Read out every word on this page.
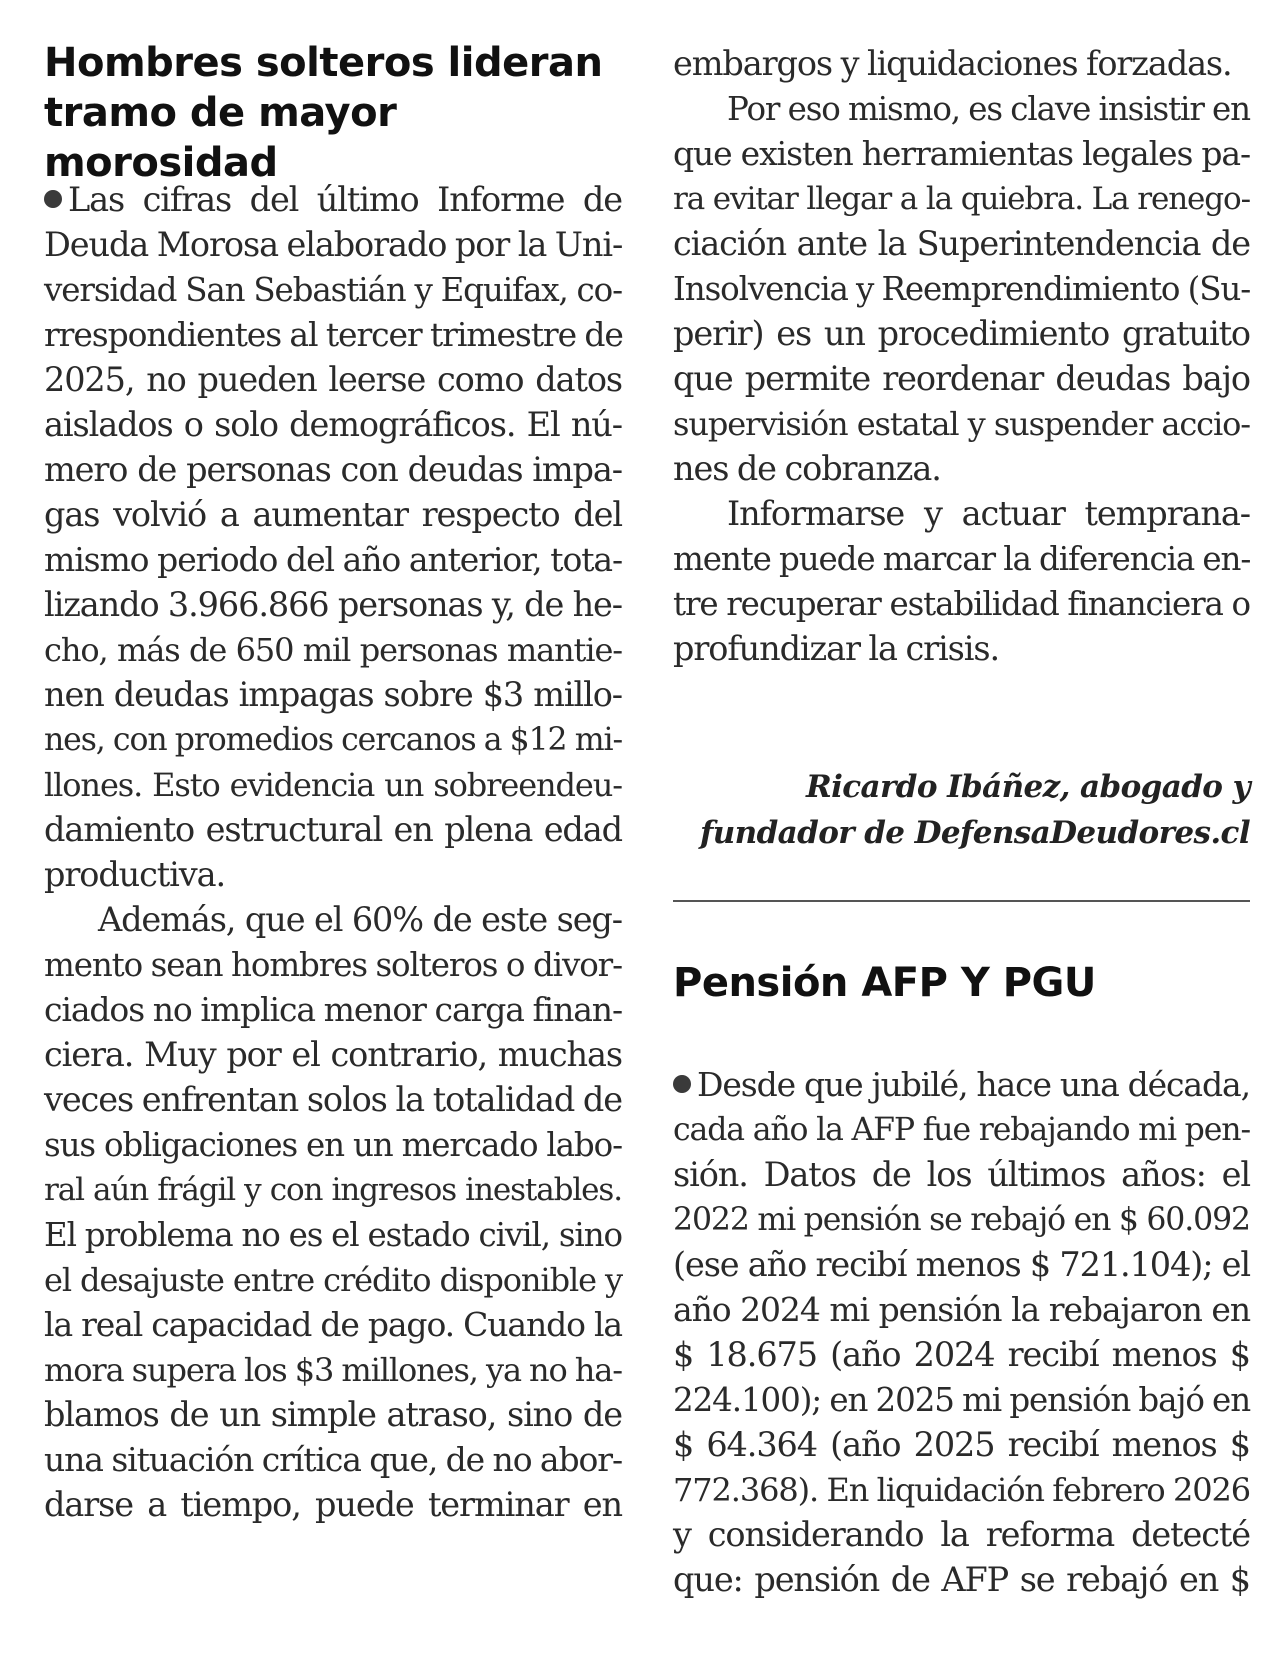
Hombres solteros lideran
tramo de mayor morosidad
Las cifras del último Informe de
Deuda Morosa elaborado por la Uni-
versidad San Sebastián y Equifax, co-
rrespondientes al tercer trimestre de
2025, no pueden leerse como datos
aislados o solo demográficos. El nú-
mero de personas con deudas impa-
gas volvió a aumentar respecto del
mismo periodo del año anterior, tota-
lizando 3.966.866 personas y, de he-
cho, más de 650 mil personas mantie-
nen deudas impagas sobre $3 millo-
nes, con promedios cercanos a $12 mi-
llones. Esto evidencia un sobreendeu-
damiento estructural en plena edad
productiva.
Además, que el 60% de este seg-
mento sean hombres solteros o divor-
ciados no implica menor carga finan-
ciera. Muy por el contrario, muchas
veces enfrentan solos la totalidad de
sus obligaciones en un mercado labo-
ral aún frágil y con ingresos inestables.
El problema no es el estado civil, sino
el desajuste entre crédito disponible y
la real capacidad de pago. Cuando la
mora supera los $3 millones, ya no ha-
blamos de un simple atraso, sino de
una situación crítica que, de no abor-
darse a tiempo, puede terminar en
embargos y liquidaciones forzadas.
Por eso mismo, es clave insistir en
que existen herramientas legales pa-
ra evitar llegar a la quiebra. La renego-
ciación ante la Superintendencia de
Insolvencia y Reemprendimiento (Su-
perir) es un procedimiento gratuito
que permite reordenar deudas bajo
supervisión estatal y suspender accio-
nes de cobranza.
Informarse y actuar temprana-
mente puede marcar la diferencia en-
tre recuperar estabilidad financiera o
profundizar la crisis.
Ricardo Ibáñez, abogado y
fundador de DefensaDeudores.cl
Pensión AFP Y PGU
Desde que jubilé, hace una década,
cada año la AFP fue rebajando mi pen-
sión. Datos de los últimos años: el
2022 mi pensión se rebajó en $ 60.092
(ese año recibí menos $ 721.104); el
año 2024 mi pensión la rebajaron en
$ 18.675 (año 2024 recibí menos $
224.100); en 2025 mi pensión bajó en
$ 64.364 (año 2025 recibí menos $
772.368). En liquidación febrero 2026
y considerando la reforma detecté
que: pensión de AFP se rebajó en $
